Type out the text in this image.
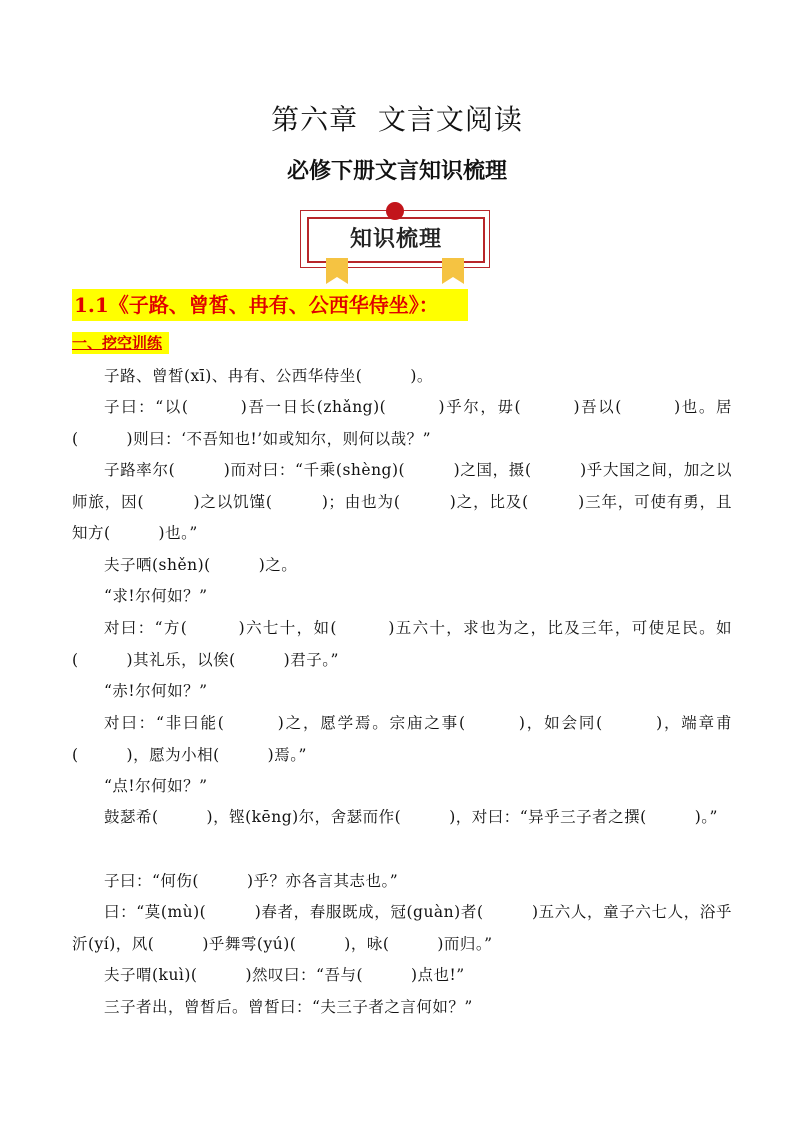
第六章  文言文阅读
必修下册文言知识梳理
知识梳理
1.1《子路、曾皙、冉有、公西华侍坐》：
一、挖空训练
子路、曾皙(xī)、冉有、公西华侍坐(　　　)。
子曰：“以(　　　)吾一日长(zhǎng)(　　　)乎尔，毋(　　　)吾以(　　　)也。居(　　　)则曰：‘不吾知也!’如或知尔，则何以哉？”
子路率尔(　　　)而对曰：“千乘(shèng)(　　　)之国，摄(　　　)乎大国之间，加之以师旅，因(　　　)之以饥馑(　　　)；由也为(　　　)之，比及(　　　)三年，可使有勇，且知方(　　　)也。”
夫子哂(shěn)(　　　)之。
“求!尔何如？”
对曰：“方(　　　)六七十，如(　　　)五六十，求也为之，比及三年，可使足民。如(　　　)其礼乐，以俟(　　　)君子。”
“赤!尔何如？”
对曰：“非曰能(　　　)之，愿学焉。宗庙之事(　　　)，如会同(　　　)，端章甫(　　　)，愿为小相(　　　)焉。”
“点!尔何如？”
鼓瑟希(　　　)，铿(kēng)尔，舍瑟而作(　　　)，对曰：“异乎三子者之撰(　　　)。”
子曰：“何伤(　　　)乎？亦各言其志也。”
曰：“莫(mù)(　　　)春者，春服既成，冠(guàn)者(　　　)五六人，童子六七人，浴乎沂(yí)，风(　　　)乎舞雩(yú)(　　　)，咏(　　　)而归。”
夫子喟(kuì)(　　　)然叹曰：“吾与(　　　)点也!”
三子者出，曾皙后。曾皙曰：“夫三子者之言何如？”
